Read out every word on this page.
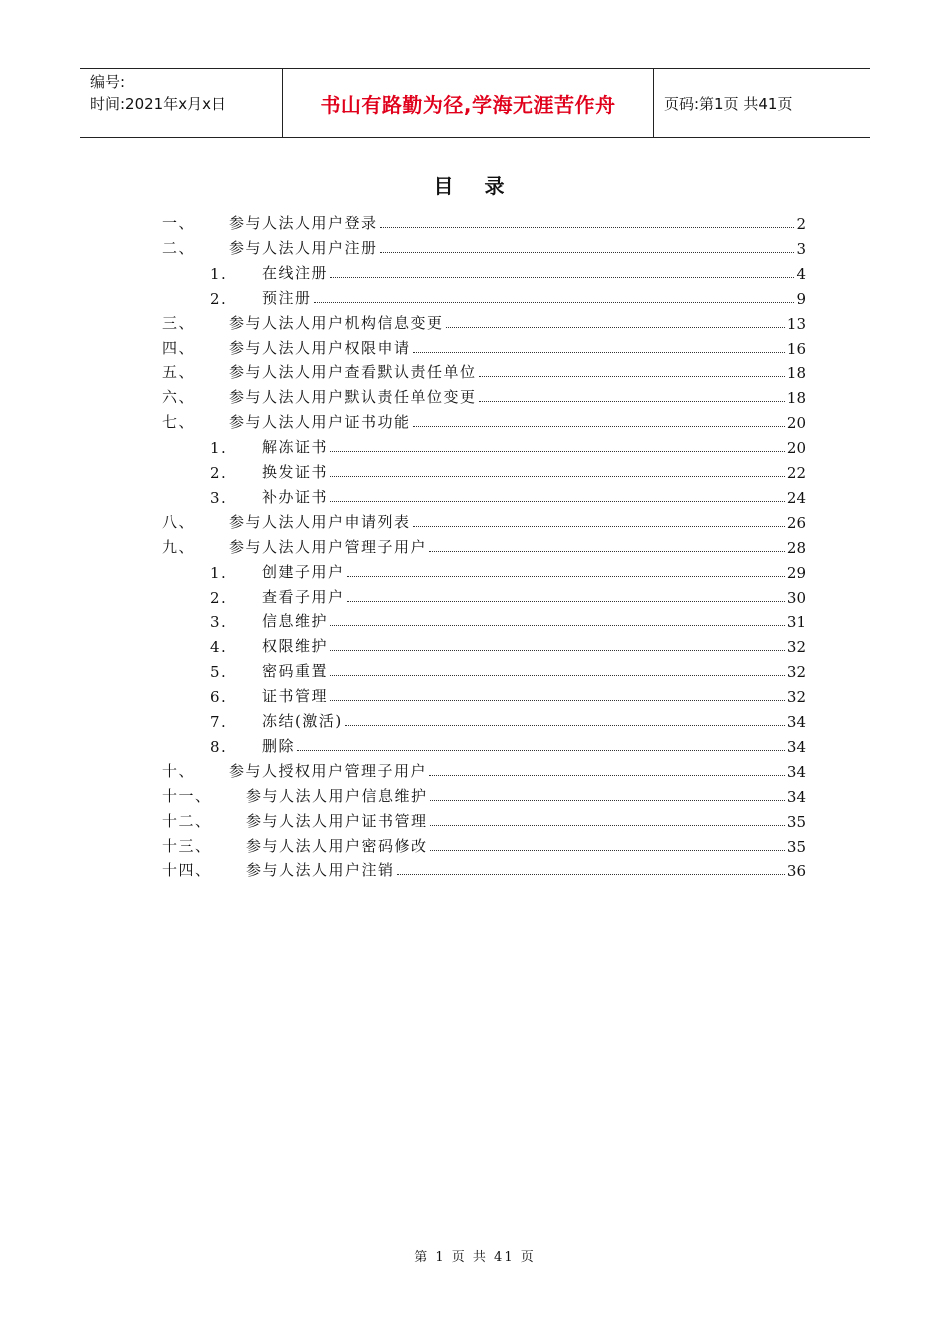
编号:
时间:2021年x月x日	书山有路勤为径,学海无涯苦作舟	页码:第1页 共41页
目 录
一、	参与人法人用户登录	2
二、	参与人法人用户注册	3
1.	在线注册	4
2.	预注册	9
三、	参与人法人用户机构信息变更	13
四、	参与人法人用户权限申请	16
五、	参与人法人用户查看默认责任单位	18
六、	参与人法人用户默认责任单位变更	18
七、	参与人法人用户证书功能	20
1.	解冻证书	20
2.	换发证书	22
3.	补办证书	24
八、	参与人法人用户申请列表	26
九、	参与人法人用户管理子用户	28
1.	创建子用户	29
2.	查看子用户	30
3.	信息维护	31
4.	权限维护	32
5.	密码重置	32
6.	证书管理	32
7.	冻结(激活)	34
8.	删除	34
十、	参与人授权用户管理子用户	34
十一、	参与人法人用户信息维护	34
十二、	参与人法人用户证书管理	35
十三、	参与人法人用户密码修改	35
十四、	参与人法人用户注销	36
第 1 页 共 41 页
